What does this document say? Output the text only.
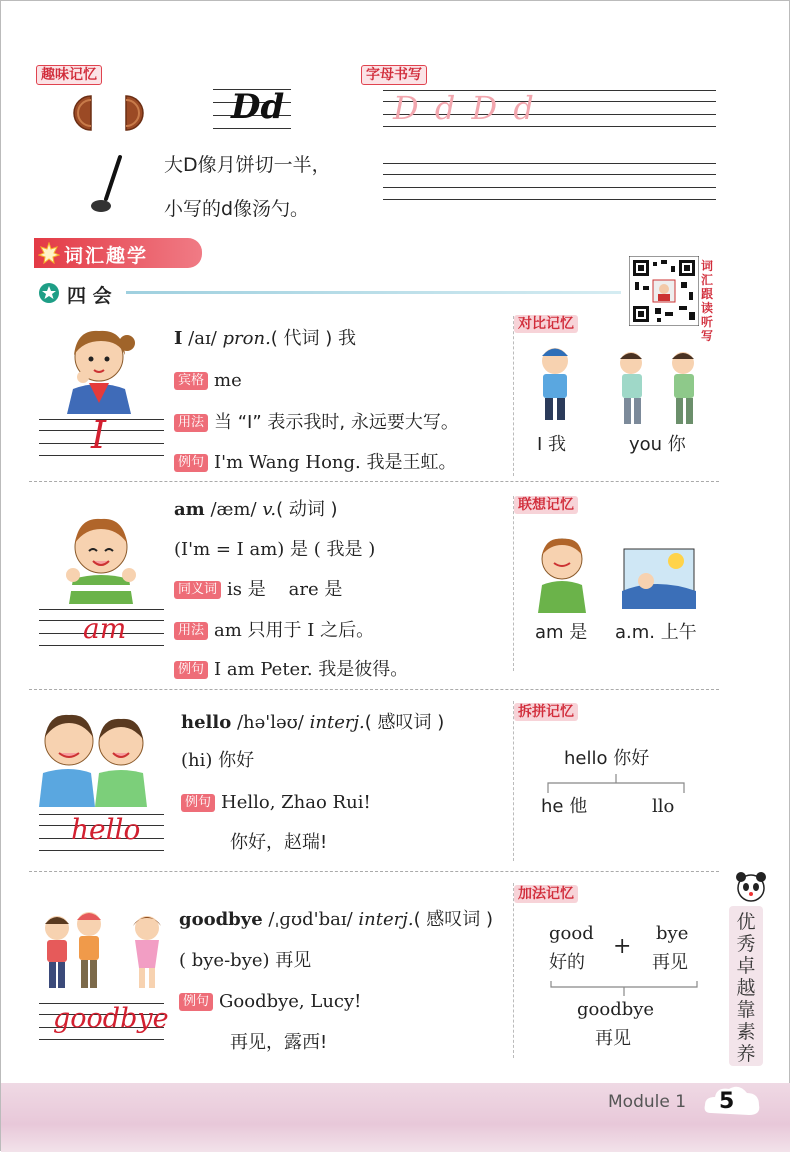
趣味记忆	字母书写
Dd
大D像月饼切一半，
小写的d像汤勺。
D d D d
词汇趣学
四 会
词汇跟读 听写
I
I /aɪ/ pron.( 代词 ) 我
宾格 me
用法 当 “I” 表示我时, 永远要大写。
例句 I'm Wang Hong. 我是王虹。
对比记忆
I 我	you 你
am
am /æm/ v.( 动词 )
(I'm = I am) 是 ( 我是 )
同义词 is 是    are 是
用法 am 只用于 I 之后。
例句 I am Peter. 我是彼得。
联想记忆
am 是 a.m. 上午
hello
hello /hə'ləʊ/ interj.( 感叹词 )
(hi) 你好
例句 Hello, Zhao Rui!
你好，赵瑞!
拆拼记忆
hello 你好
he 他	llo
goodbye
goodbye /ˌɡʊd'baɪ/ interj.( 感叹词 )
( bye-bye) 再见
例句 Goodbye, Lucy!
再见，露西!
加法记忆
good
好的
+
bye
再见
goodbye
再见
优
秀
卓
越
靠
素
养
Module 1 5
